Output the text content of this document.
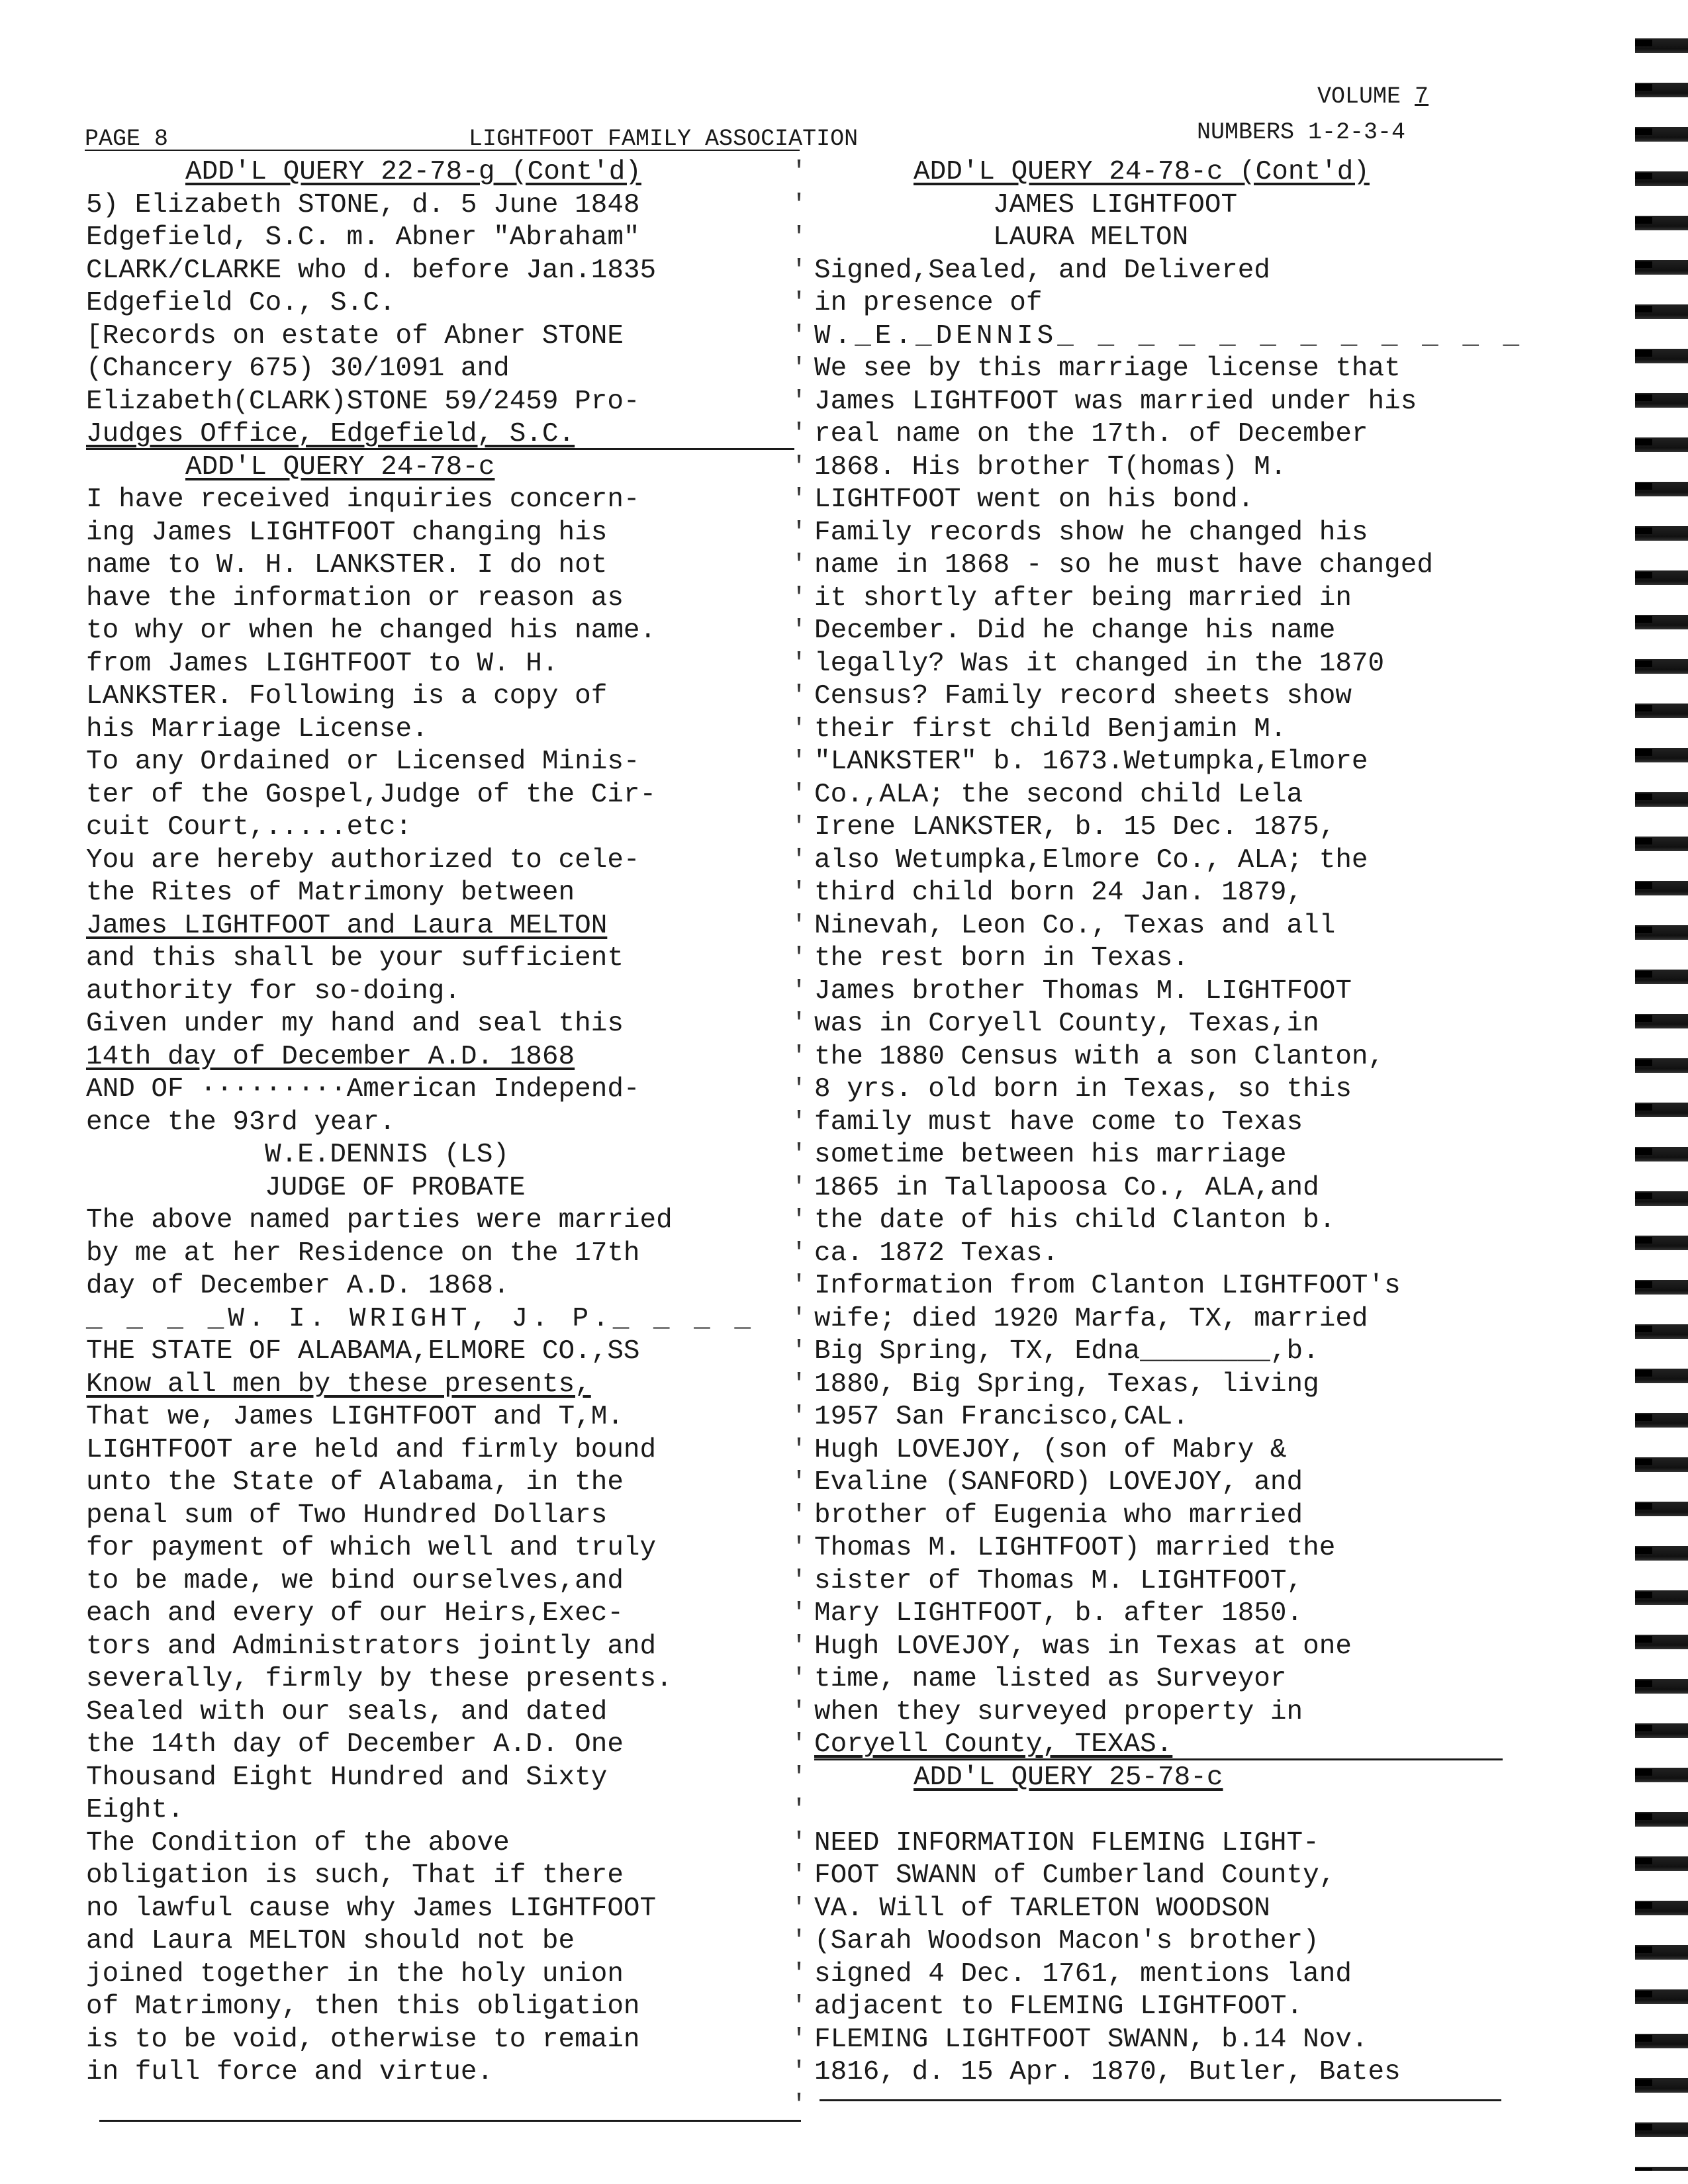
VOLUME 7
PAGE 8	LIGHTFOOT FAMILY ASSOCIATION	NUMBERS 1-2-3-4
'
'
'
'
'
'
'
'
'
'
'
'
'
'
'
'
'
'
'
'
'
'
'
'
'
'
'
'
'
'
'
'
'
'
'
'
'
'
'
'
'
'
'
'
'
'
'
'
'
'
'
'
'
'
'
'
'
'
'
'
ADD'L QUERY 22-78-g (Cont'd)
5) Elizabeth STONE, d. 5 June 1848
Edgefield, S.C. m. Abner "Abraham"
CLARK/CLARKE who d. before Jan.1835
Edgefield Co., S.C.
[Records on estate of Abner STONE
(Chancery 675) 30/1091 and
Elizabeth(CLARK)STONE 59/2459 Pro-
Judges Office, Edgefield, S.C.
ADD'L QUERY 24-78-c
I have received inquiries concern-
ing James LIGHTFOOT changing his
name to W. H. LANKSTER. I do not
have the information or reason as
to why or when he changed his name.
from James LIGHTFOOT to W. H.
LANKSTER. Following is a copy of
his Marriage License.
To any Ordained or Licensed Minis-
ter of the Gospel,Judge of the Cir-
cuit Court,.....etc:
You are hereby authorized to cele-
the Rites of Matrimony between
James LIGHTFOOT and Laura MELTON
and this shall be your sufficient
authority for so-doing.
Given under my hand and seal this
14th day of December A.D. 1868
AND OF ·········American Independ-
ence the 93rd year.
W.E.DENNIS (LS)
JUDGE OF PROBATE
The above named parties were married
by me at her Residence on the 17th
day of December A.D. 1868.
_ _ _ _W. I. WRIGHT, J. P._ _ _ _
THE STATE OF ALABAMA,ELMORE CO.,SS
Know all men by these presents,
That we, James LIGHTFOOT and T,M.
LIGHTFOOT are held and firmly bound
unto the State of Alabama, in the
penal sum of Two Hundred Dollars
for payment of which well and truly
to be made, we bind ourselves,and
each and every of our Heirs,Exec-
tors and Administrators jointly and
severally, firmly by these presents.
Sealed with our seals, and dated
the 14th day of December A.D. One
Thousand Eight Hundred and Sixty
Eight.
The Condition of the above
obligation is such, That if there
no lawful cause why James LIGHTFOOT
and Laura MELTON should not be
joined together in the holy union
of Matrimony, then this obligation
is to be void, otherwise to remain
in full force and virtue.
ADD'L QUERY 24-78-c (Cont'd)
JAMES LIGHTFOOT
LAURA MELTON
Signed,Sealed, and Delivered
in presence of
W._E._DENNIS_ _ _ _ _ _ _ _ _ _ _ _
We see by this marriage license that
James LIGHTFOOT was married under his
real name on the 17th. of December
1868. His brother T(homas) M.
LIGHTFOOT went on his bond.
Family records show he changed his
name in 1868 - so he must have changed
it shortly after being married in
December. Did he change his name
legally? Was it changed in the 1870
Census? Family record sheets show
their first child Benjamin M.
"LANKSTER" b. 1673.Wetumpka,Elmore
Co.,ALA; the second child Lela
Irene LANKSTER, b. 15 Dec. 1875,
also Wetumpka,Elmore Co., ALA; the
third child born 24 Jan. 1879,
Ninevah, Leon Co., Texas and all
the rest born in Texas.
James brother Thomas M. LIGHTFOOT
was in Coryell County, Texas,in
the 1880 Census with a son Clanton,
8 yrs. old born in Texas, so this
family must have come to Texas
sometime between his marriage
1865 in Tallapoosa Co., ALA,and
the date of his child Clanton b.
ca. 1872 Texas.
Information from Clanton LIGHTFOOT's
wife; died 1920 Marfa, TX, married
Big Spring, TX, Edna________,b.
1880, Big Spring, Texas, living
1957 San Francisco,CAL.
Hugh LOVEJOY, (son of Mabry &
Evaline (SANFORD) LOVEJOY, and
brother of Eugenia who married
Thomas M. LIGHTFOOT) married the
sister of Thomas M. LIGHTFOOT,
Mary LIGHTFOOT, b. after 1850.
Hugh LOVEJOY, was in Texas at one
time, name listed as Surveyor
when they surveyed property in
Coryell County, TEXAS.
ADD'L QUERY 25-78-c
NEED INFORMATION FLEMING LIGHT-
FOOT SWANN of Cumberland County,
VA. Will of TARLETON WOODSON
(Sarah Woodson Macon's brother)
signed 4 Dec. 1761, mentions land
adjacent to FLEMING LIGHTFOOT.
FLEMING LIGHTFOOT SWANN, b.14 Nov.
1816, d. 15 Apr. 1870, Butler, Bates
